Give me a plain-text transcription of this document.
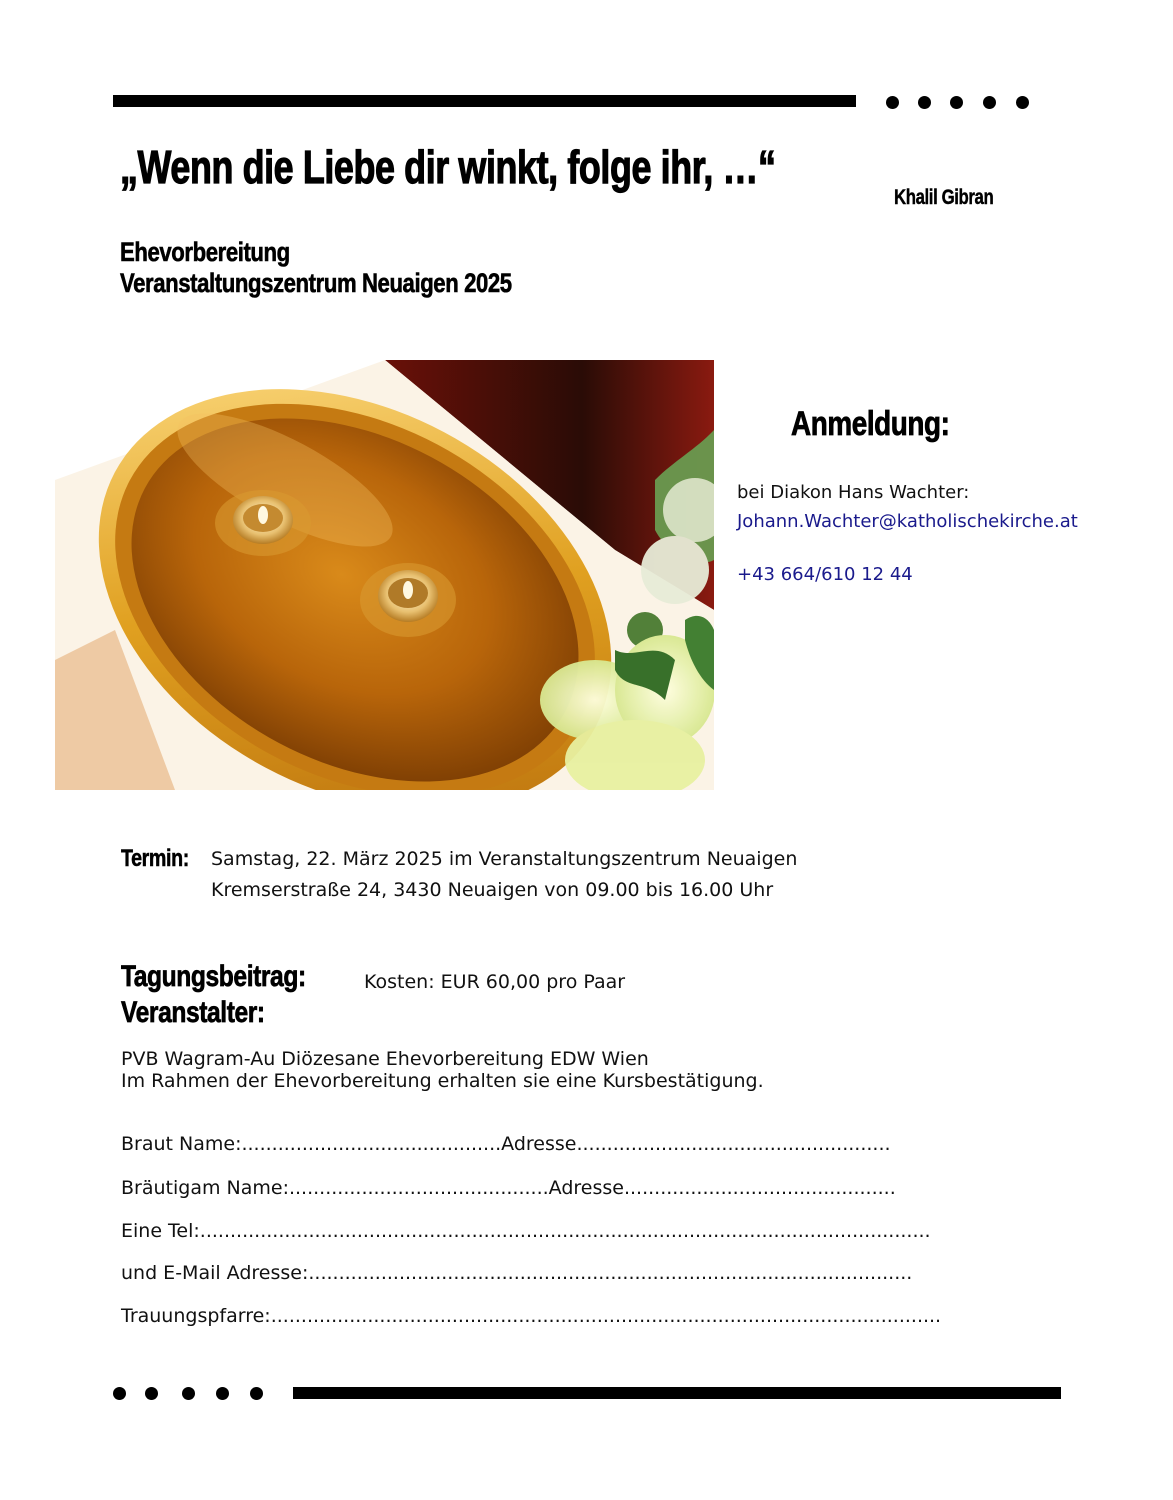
„Wenn die Liebe dir winkt, folge ihr, …“
Khalil Gibran
Ehevorbereitung
Veranstaltungszentrum Neuaigen 2025
Anmeldung:
bei Diakon Hans Wachter:
Johann.Wachter@katholischekirche.at
+43 664/610 12 44
Termin: Samstag, 22. März 2025 im Veranstaltungszentrum Neuaigen
Kremserstraße 24, 3430 Neuaigen von 09.00 bis 16.00 Uhr
Tagungsbeitrag:	Kosten: EUR 60,00 pro Paar
Veranstalter:
PVB Wagram-Au Diözesane Ehevorbereitung EDW Wien
Im Rahmen der Ehevorbereitung erhalten sie eine Kursbestätigung.
Braut Name:...........................................Adresse....................................................
Bräutigam Name:...........................................Adresse.............................................
Eine Tel:.........................................................................................................................
und E-Mail Adresse:....................................................................................................
Trauungspfarre:...............................................................................................................
